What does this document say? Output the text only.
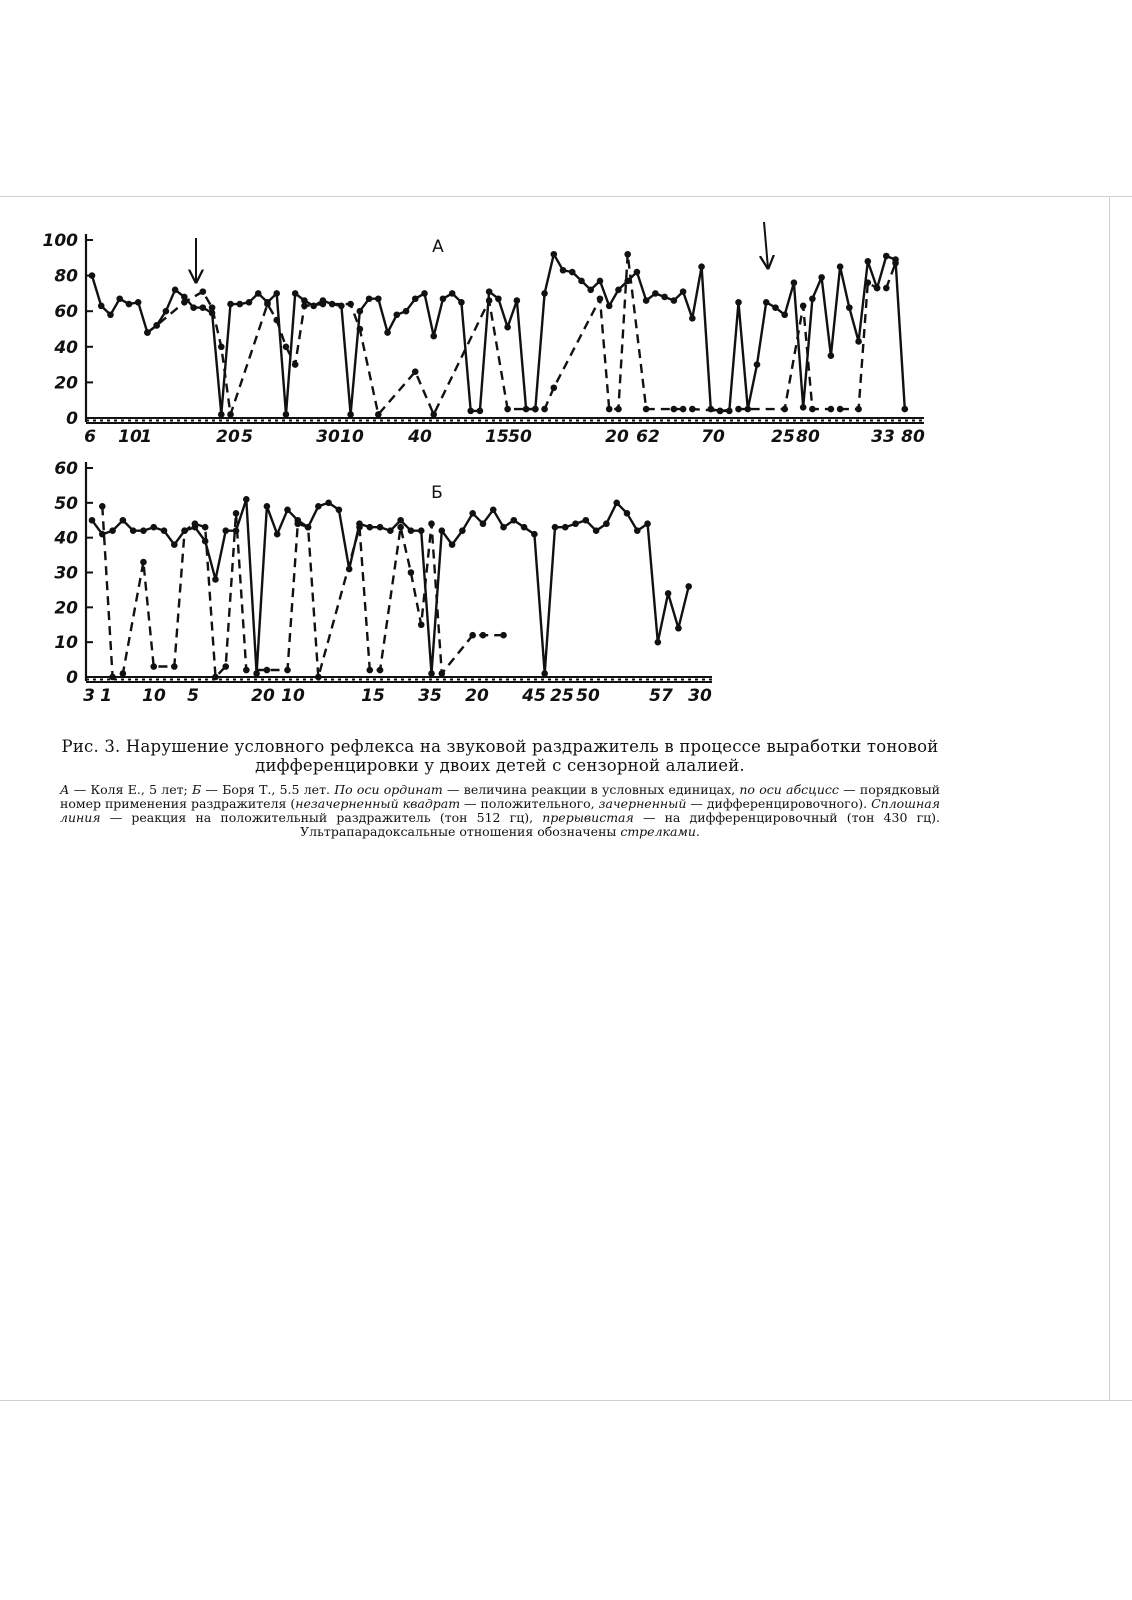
0
20
40
60
80
100
6 10
1	20 5	30 10	40	15 50	20 62 70	25 80	33 80
А
0
10
20
30
40
50
60
3 1 10 5	20 10	15 35 20 45 25 50	57 30
Б
Рис. 3. Нарушение условного рефлекса на звуковой раздражитель в процессе выработки тоновой дифференцировки у двоих детей с сензорной алалией.
А — Коля Е., 5 лет; Б — Боря Т., 5.5 лет. По оси ординат — величина реакции в условных единицах, по оси абсцисс — порядковый номер применения раздражителя (незачерненный квадрат — положительного, зачерненный — дифференцировочного). Сплошная линия — реакция на положительный раздражитель (тон 512 гц), прерывистая — на дифференцировочный (тон 430 гц). Ультрапарадоксальные отношения обозначены стрелками.
